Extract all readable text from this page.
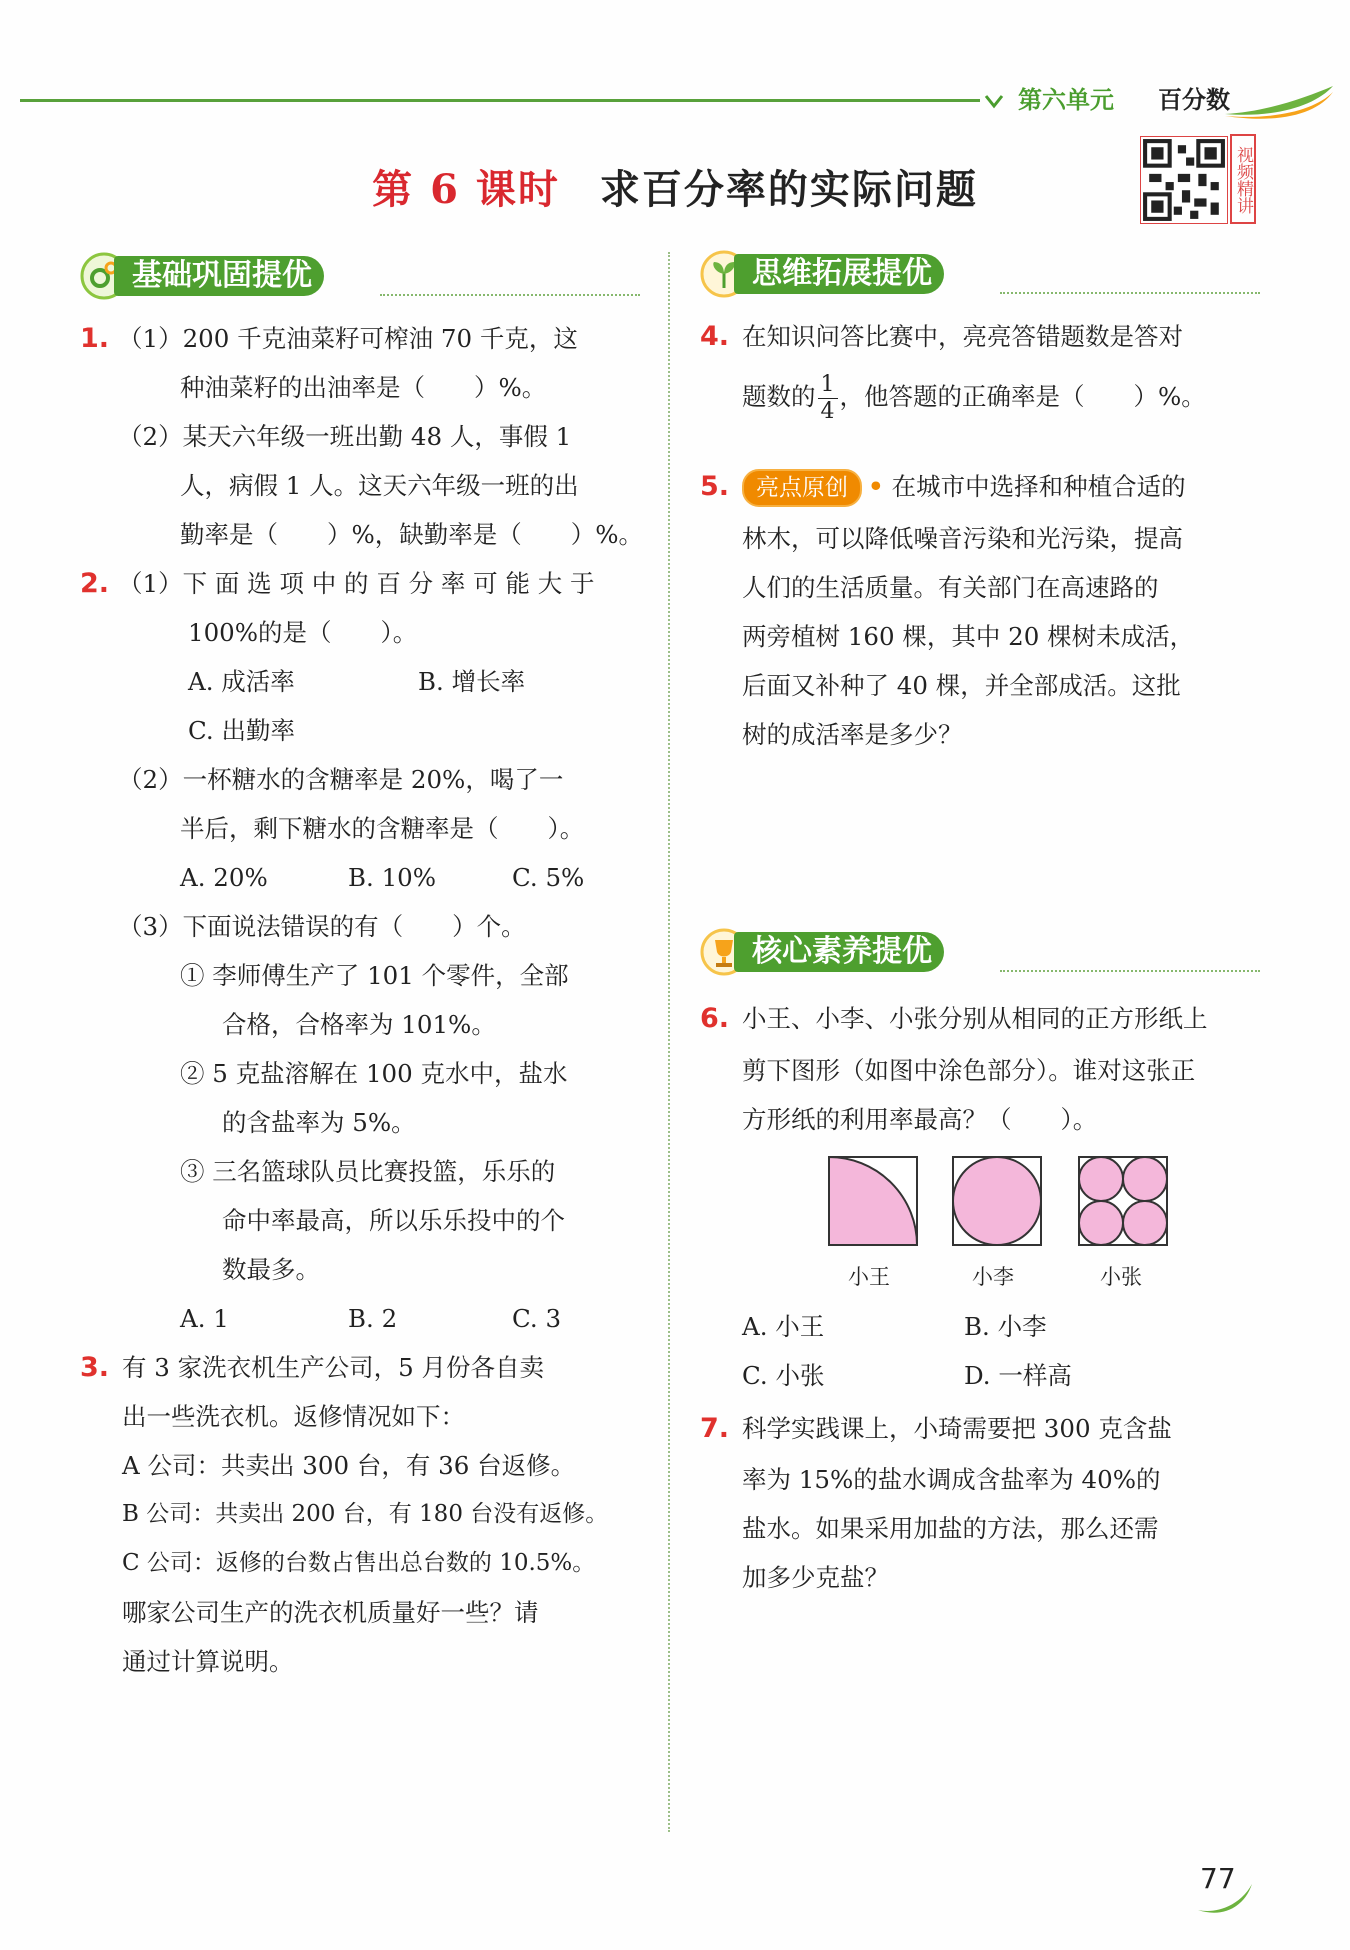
第六单元 百分数
第 6 课时 求百分率的实际问题	视频精讲
基础巩固提优
1. （1）200 千克油菜籽可榨油 70 千克，这
种油菜籽的出油率是（　　）%。
（2）某天六年级一班出勤 48 人，事假 1
人，病假 1 人。这天六年级一班的出
勤率是（　　）%，缺勤率是（　　）%。
2. （1）下 面 选 项 中 的 百 分 率 可 能 大 于
100%的是（　　）。
A. 成活率	B. 增长率
C. 出勤率
（2）一杯糖水的含糖率是 20%，喝了一
半后，剩下糖水的含糖率是（　　）。
A. 20%	B. 10%	C. 5%
（3）下面说法错误的有（　　）个。
① 李师傅生产了 101 个零件，全部
合格，合格率为 101%。
② 5 克盐溶解在 100 克水中，盐水
的含盐率为 5%。
③ 三名篮球队员比赛投篮，乐乐的
命中率最高，所以乐乐投中的个
数最多。
A. 1	B. 2	C. 3
3. 有 3 家洗衣机生产公司，5 月份各自卖
出一些洗衣机。返修情况如下：
A 公司：共卖出 300 台，有 36 台返修。
B 公司：共卖出 200 台，有 180 台没有返修。
C 公司：返修的台数占售出总台数的 10.5%。
哪家公司生产的洗衣机质量好一些？请
通过计算说明。
思维拓展提优
4. 在知识问答比赛中，亮亮答错题数是答对
题数的 $\frac{1}{4}$ ，他答题的正确率是（　　）%。
5.	亮点原创 • 在城市中选择和种植合适的
林木，可以降低噪音污染和光污染，提高
人们的生活质量。有关部门在高速路的
两旁植树 160 棵，其中 20 棵树未成活，
后面又补种了 40 棵，并全部成活。这批
树的成活率是多少？
核心素养提优
6. 小王、小李、小张分别从相同的正方形纸上
剪下图形（如图中涂色部分）。谁对这张正
方形纸的利用率最高？（　　）。
小王	小李	小张
A. 小王	B. 小李
C. 小张	D. 一样高
7. 科学实践课上，小琦需要把 300 克含盐
率为 15%的盐水调成含盐率为 40%的
盐水。如果采用加盐的方法，那么还需
加多少克盐？
77
